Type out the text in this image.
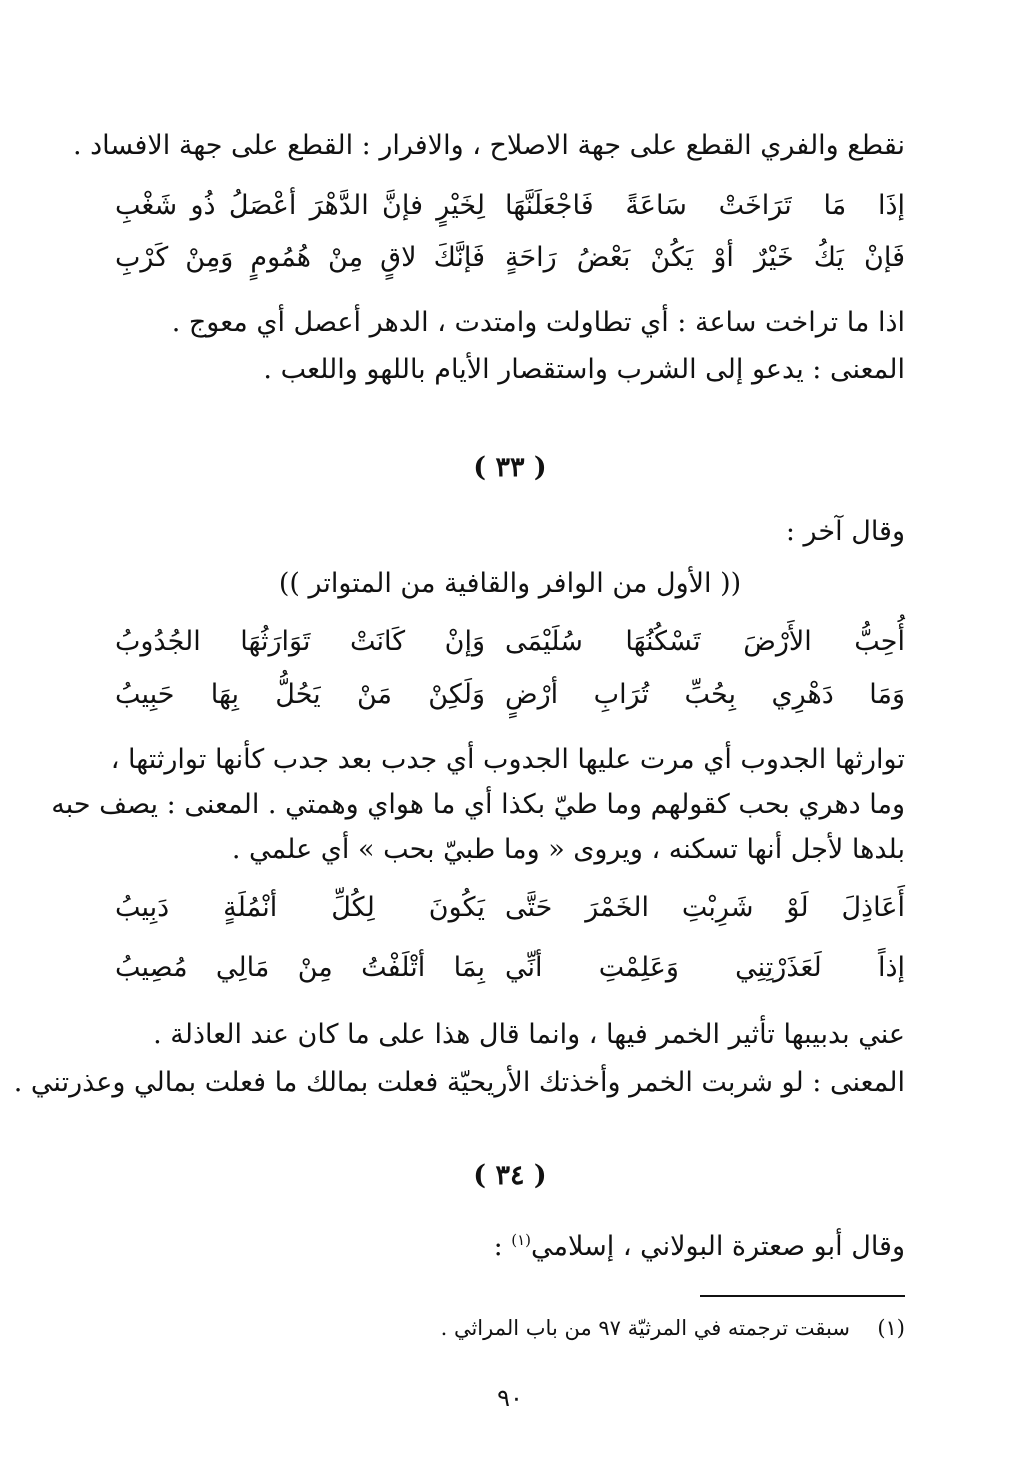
نقطع والفري القطع على جهة الاصلاح ، والافرار : القطع على جهة الافساد .
إذَا مَا تَرَاخَتْ سَاعَةً فَاجْعَلَنَّهَا
لِخَيْرٍ فإنَّ الدَّهْرَ أعْصَلُ ذُو شَغْبِ
فَإنْ يَكُ خَيْرٌ أوْ يَكُنْ بَعْضُ رَاحَةٍ
فَإنَّكَ لاقٍ مِنْ هُمُومٍ وَمِنْ كَرْبِ
اذا ما تراخت ساعة : أي تطاولت وامتدت ، الدهر أعصل أي معوج .
المعنى : يدعو إلى الشرب واستقصار الأيام باللهو واللعب .
( ٣٣ )
وقال آخر :
(( الأول من الوافر والقافية من المتواتر ))
أُحِبُّ الأَرْضَ تَسْكُنُهَا سُلَيْمَى
وَإنْ كَانَتْ تَوَارَثُهَا الجُدُوبُ
وَمَا دَهْرِي بِحُبِّ تُرَابِ أرْضٍ
وَلَكِنْ مَنْ يَحُلُّ بِهَا حَبِيبُ
توارثها الجدوب أي مرت عليها الجدوب أي جدب بعد جدب كأنها توارثتها ،
وما دهري بحب كقولهم وما طيّ بكذا أي ما هواي وهمتي . المعنى : يصف حبه
بلدها لأجل أنها تسكنه ، ويروى « وما طبيّ بحب » أي علمي .
أَعَاذِلَ لَوْ شَرِبْتِ الخَمْرَ حَتَّى
يَكُونَ لِكُلِّ أنْمُلَةٍ دَبِيبُ
إذاً لَعَذَرْتِنِي وَعَلِمْتِ أنِّي
بِمَا أتْلَفْتُ مِنْ مَالِي مُصِيبُ
عني بدبيبها تأثير الخمر فيها ، وانما قال هذا على ما كان عند العاذلة .
المعنى : لو شربت الخمر وأخذتك الأريحيّة فعلت بمالك ما فعلت بمالي وعذرتني .
( ٣٤ )
وقال أبو صعترة البولاني ، إسلامي$^{(١)}$ :
(١)  سبقت ترجمته في المرثيّة ٩٧ من باب المراثي .
٩٠
